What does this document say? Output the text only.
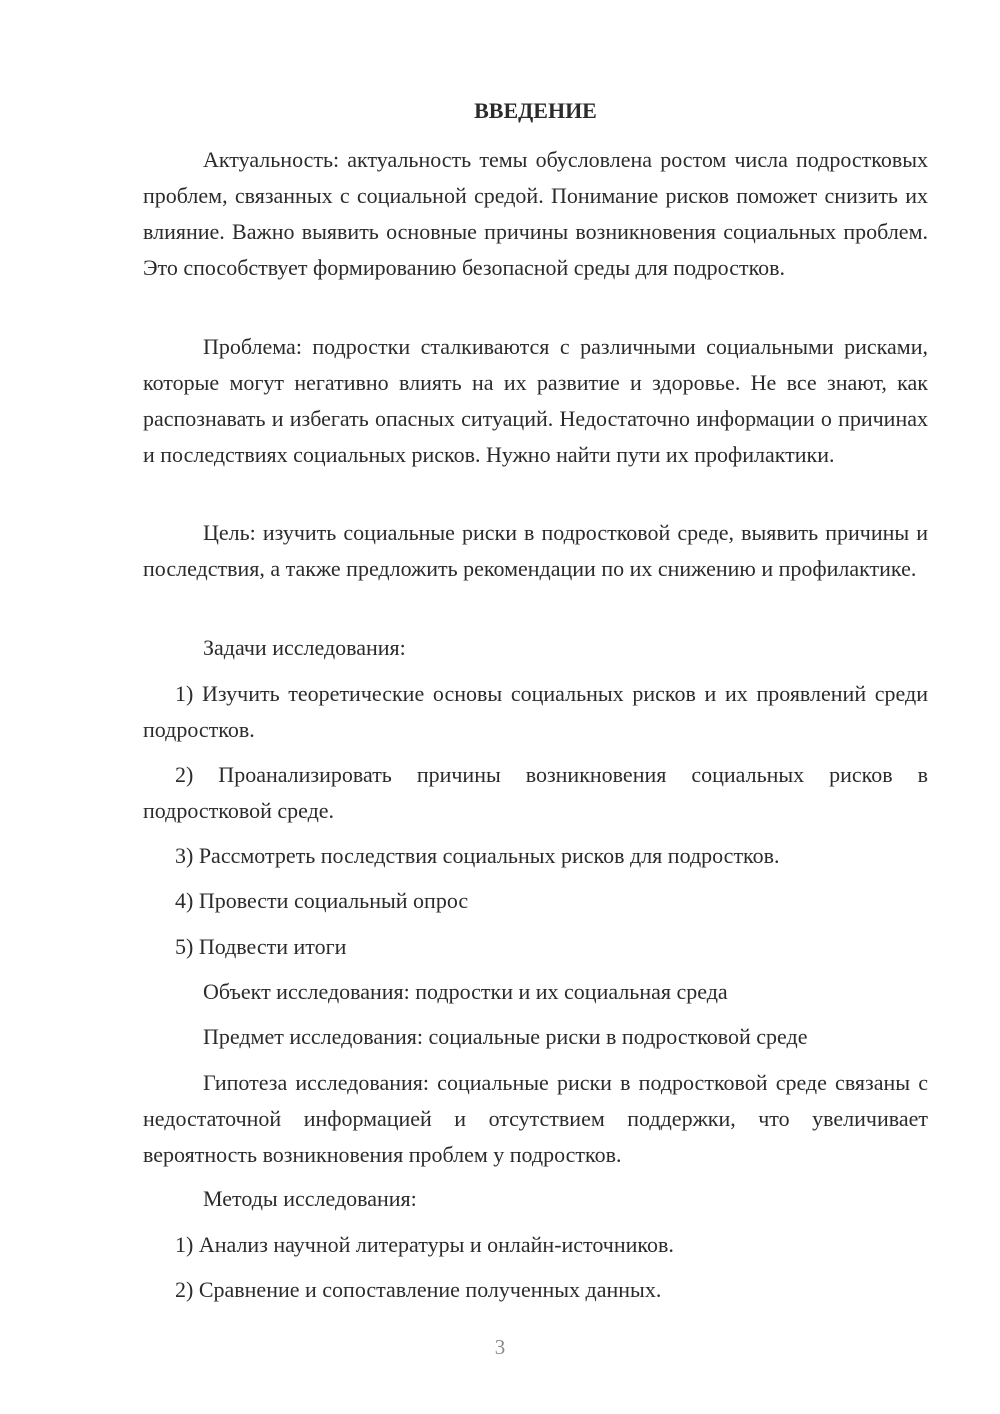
ВВЕДЕНИЕ

Актуальность: актуальность темы обусловлена ростом числа подростковых проблем, связанных с социальной средой. Понимание рисков поможет снизить их влияние. Важно выявить основные причины возникновения социальных проблем. Это способствует формированию безопасной среды для подростков.

Проблема: подростки сталкиваются с различными социальными рисками, которые могут негативно влиять на их развитие и здоровье. Не все знают, как распознавать и избегать опасных ситуаций. Недостаточно информации о причинах и последствиях социальных рисков. Нужно найти пути их профилактики.

Цель: изучить социальные риски в подростковой среде, выявить причины и последствия, а также предложить рекомендации по их снижению и профилактике.

Задачи исследования:

1) Изучить теоретические основы социальных рисков и их проявлений среди подростков.

2) Проанализировать причины возникновения социальных рисков в подростковой среде.

3) Рассмотреть последствия социальных рисков для подростков.

4) Провести социальный опрос

5) Подвести итоги

Объект исследования: подростки и их социальная среда

Предмет исследования: социальные риски в подростковой среде

Гипотеза исследования: социальные риски в подростковой среде связаны с недостаточной информацией и отсутствием поддержки, что увеличивает вероятность возникновения проблем у подростков.

Методы исследования:

1) Анализ научной литературы и онлайн-источников.

2) Сравнение и сопоставление полученных данных.

3
